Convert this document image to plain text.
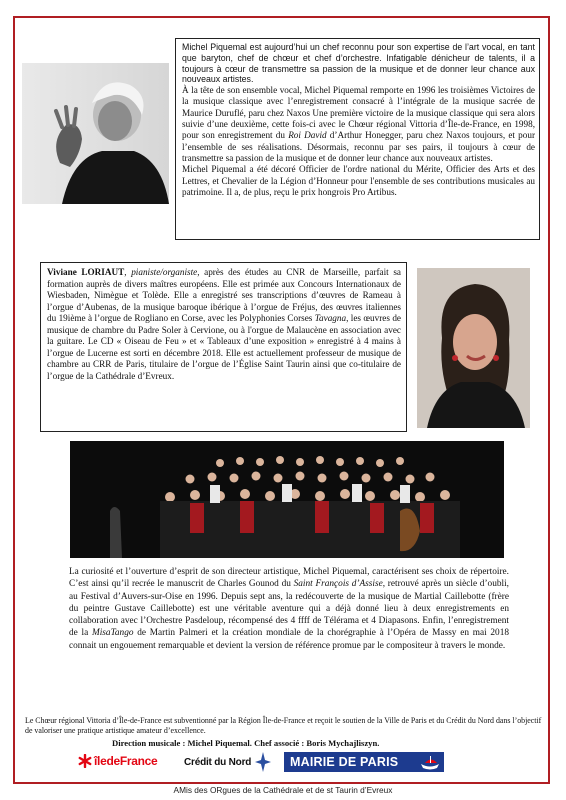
Michel Piquemal est aujourd’hui un chef reconnu pour son expertise de l’art vocal, en tant que baryton, chef de chœur et chef d’orchestre. Infatigable dénicheur de talents, il a toujours à cœur de transmettre sa passion de la musique et de donner leur chance aux nouveaux artistes.

À la tête de son ensemble vocal, Michel Piquemal remporte en 1996 les troisièmes Victoires de la musique classique avec l’enregistrement consacré à l’intégrale de la musique sacrée de Maurice Duruflé, paru chez Naxos Une première victoire de la musique classique qui sera alors suivie d’une deuxième, cette fois-ci avec le Chœur régional Vittoria d’Île-de-France, en 1998, pour son enregistrement du Roi David d’Arthur Honegger, paru chez Naxos toujours, et pour l’ensemble de ses réalisations. Désormais, reconnu par ses pairs, il toujours à cœur de transmettre sa passion de la musique et de donner leur chance aux nouveaux artistes.

Michel Piquemal a été décoré Officier de l'ordre national du Mérite, Officier des Arts et des Lettres, et Chevalier de la Légion d’Honneur pour l'ensemble de ses contributions musicales au patrimoine. Il a, de plus, reçu le prix hongrois Pro Artibus.

Viviane LORIAUT, pianiste/organiste, après des études au CNR de Marseille, parfait sa formation auprès de divers maîtres européens. Elle est primée aux Concours Internationaux de Wiesbaden, Nimègue et Tolède. Elle a enregistré ses transcriptions d’œuvres de Rameau à l’orgue d’Aubenas, de la musique baroque ibérique à l’orgue de Fréjus, des œuvres italiennes du 19ième à l’orgue de Rogliano en Corse, avec les Polyphonies Corses Tavagna, les œuvres de musique de chambre du Padre Soler à Cervione, ou à l'orgue de Malaucène en association avec la guitare. Le CD « Oiseau de Feu » et « Tableaux d’une exposition » enregistré à 4 mains à l’orgue de Lucerne est sorti en décembre 2018. Elle est actuellement professeur de musique de chambre au CRR de Paris, titulaire de l’orgue de l’Église Saint Taurin ainsi que co-titulaire de l’orgue de la Cathédrale d’Evreux.

La curiosité et l’ouverture d’esprit de son directeur artistique, Michel Piquemal, caractérisent ses choix de répertoire. C’est ainsi qu’il recrée le manuscrit de Charles Gounod du Saint François d’Assise, retrouvé après un siècle d’oubli, au Festival d’Auvers-sur-Oise en 1996. Depuis sept ans, la redécouverte de la musique de Martial Caillebotte (frère du peintre Gustave Caillebotte) est une véritable aventure qui a déjà donné lieu à deux enregistrements en collaboration avec l’Orchestre Pasdeloup, récompensé des 4 ffff de Télérama et 4 Diapasons. Enfin, l’enregistrement de la MisaTango de Martin Palmeri et la création mondiale de la chorégraphie à l’Opéra de Massy en mai 2018 connait un engouement remarquable et devient la version de référence promue par le compositeur à travers le monde.
Le Chœur régional Vittoria d’Île-de-France est subventionné par la Région Île-de-France et reçoit le soutien de la Ville de Paris et du Crédit du Nord dans l’objectif de valoriser une pratique artistique amateur d’excellence.
Direction musicale : Michel Piquemal. Chef associé : Boris Mychajliszyn.
îledeFrance	Crédit du Nord	MAIRIE DE PARIS
AMis des ORgues de la Cathédrale et de st Taurin d’Evreux
